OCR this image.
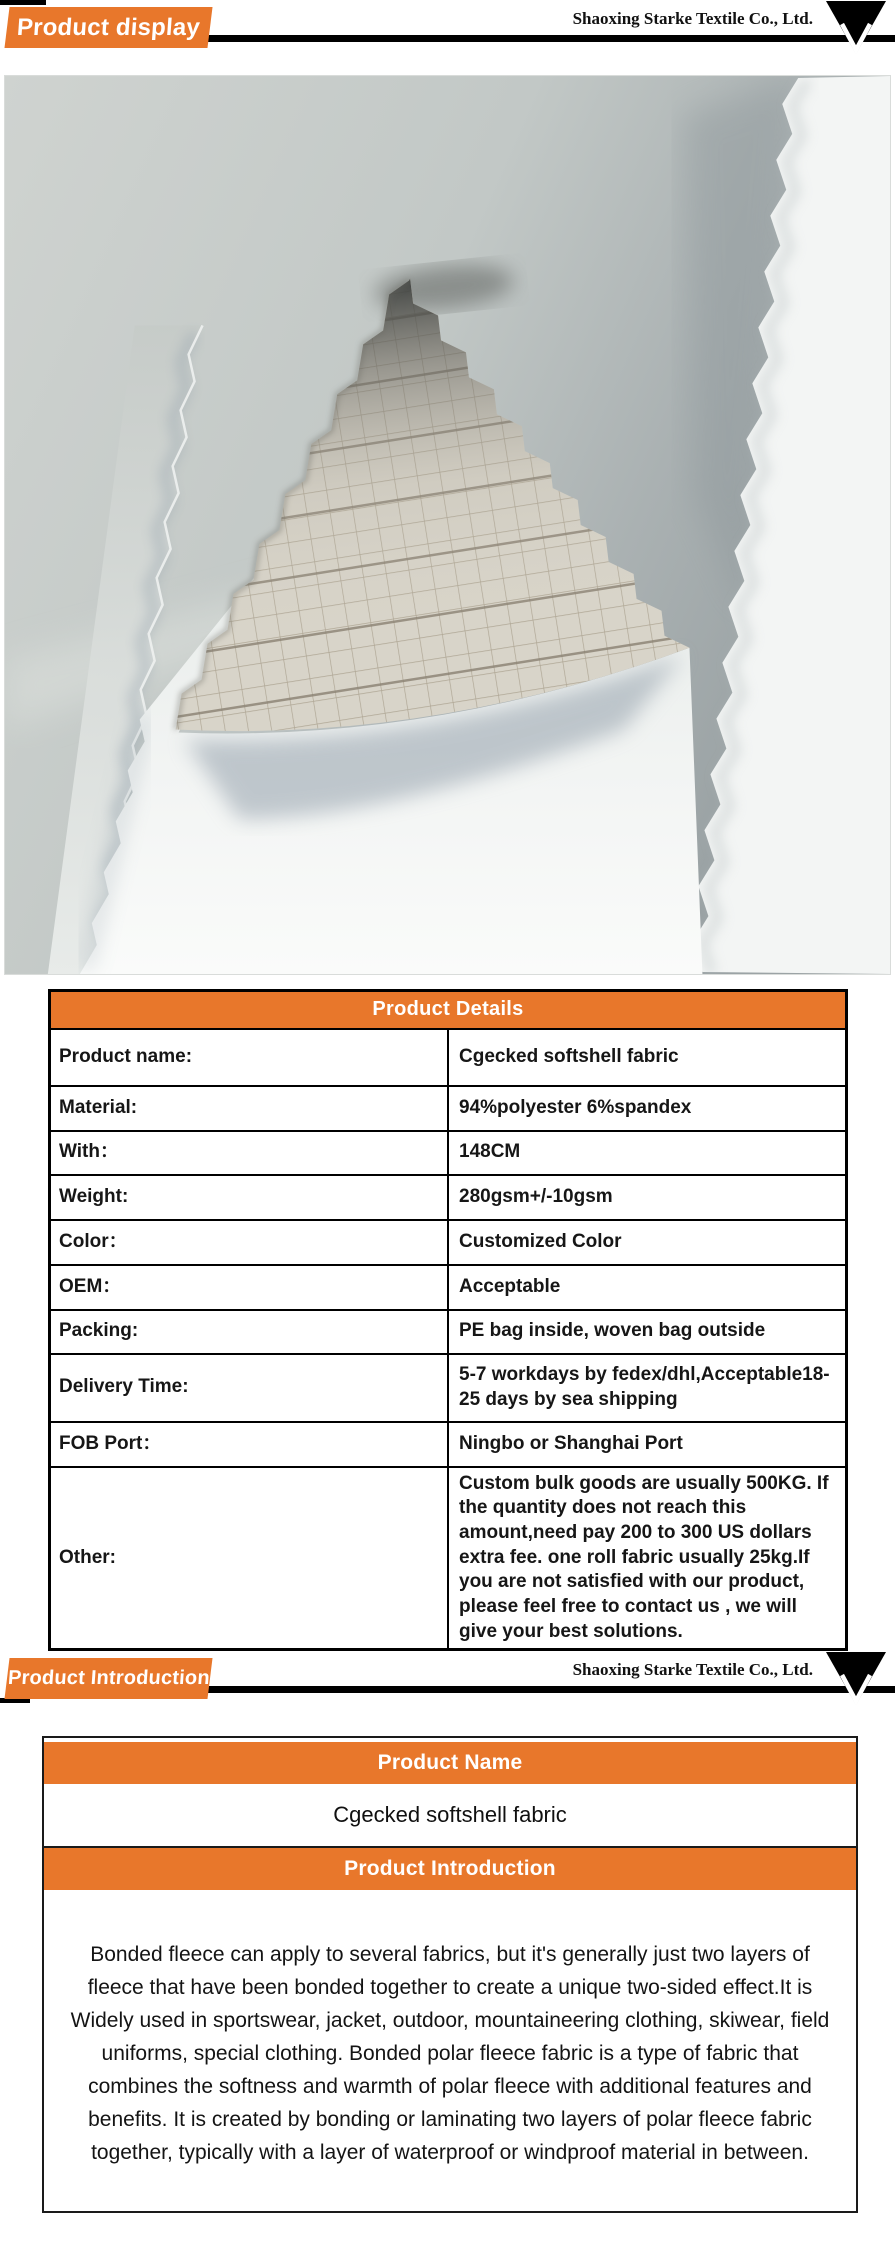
Product display	Shaoxing Starke Textile Co., Ltd.
Product Details	
Product name:	Cgecked softshell fabric
Material:	94%polyester 6%spandex
With：	148CM
Weight:	280gsm+/-10gsm
Color：	Customized Color
OEM：	Acceptable
Packing:	PE bag inside, woven bag outside
Delivery Time:	5-7 workdays by fedex/dhl,Acceptable18-25 days by sea shipping
FOB Port：	Ningbo or Shanghai Port
Other:	Custom bulk goods are usually 500KG. If the quantity does not reach this amount,need pay 200 to 300 US dollars extra fee. one roll fabric usually 25kg.If you are not satisfied with our product, please feel free to contact us , we will give your best solutions.
Product Introduction	Shaoxing Starke Textile Co., Ltd.
Product Name
Cgecked softshell fabric
Product Introduction
Bonded fleece can apply to several fabrics, but it's generally just two layers of fleece that have been bonded together to create a unique two-sided effect.It is Widely used in sportswear, jacket, outdoor, mountaineering clothing, skiwear, field uniforms, special clothing. Bonded polar fleece fabric is a type of fabric that combines the softness and warmth of polar fleece with additional features and benefits. It is created by bonding or laminating two layers of polar fleece fabric together, typically with a layer of waterproof or windproof material in between.
